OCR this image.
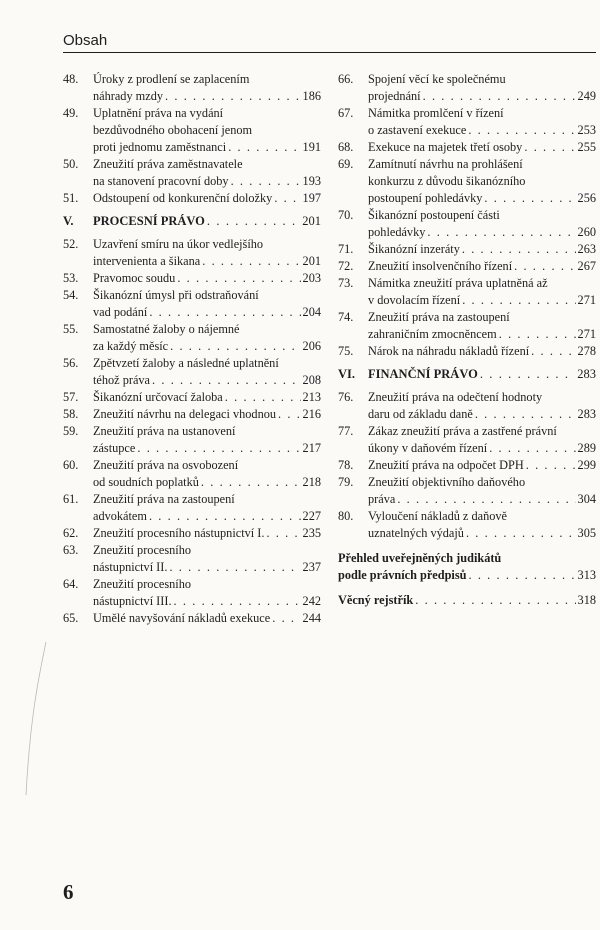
Obsah
48.	Úroky z prodlení se zaplacením
náhrady mzdy . . .	186
49.	Uplatnění práva na vydání
bezdůvodného obohacení jenom
proti jednomu zaměstnanci . . .	191
50.	Zneužití práva zaměstnavatele
na stanovení pracovní doby . . .	193
51.	Odstoupení od konkurenční doložky . . . 197
V.	PROCESNÍ PRÁVO . . .	201
52.	Uzavření smíru na úkor vedlejšího
intervenienta a šikana . . .	201
53.	Pravomoc soudu . . .	203
54.	Šikanózní úmysl při odstraňování
vad podání . . .	204
55.	Samostatné žaloby o nájemné
za každý měsíc . . .	206
56.	Zpětvzetí žaloby a následné uplatnění
téhož práva . . .	208
57.	Šikanózní určovací žaloba . . .	213
58.	Zneužití návrhu na delegaci vhodnou . . . 216
59.	Zneužití práva na ustanovení
zástupce . . .	217
60.	Zneužití práva na osvobození
od soudních poplatků . . .	218
61.	Zneužití práva na zastoupení
advokátem . . .	227
62.	Zneužití procesního nástupnictví I. . . .	235
63.	Zneužití procesního
nástupnictví II. . . .	237
64.	Zneužití procesního
nástupnictví III. . . .	242
65.	Umělé navyšování nákladů exekuce . . .	244
66.	Spojení věcí ke společnému
projednání . . .	249
67.	Námitka promlčení v řízení
o zastavení exekuce . . .	253
68.	Exekuce na majetek třetí osoby . . .	255
69.	Zamítnutí návrhu na prohlášení
konkurzu z důvodu šikanózního
postoupení pohledávky . . .	256
70.	Šikanózní postoupení části
pohledávky . . .	260
71.	Šikanózní inzeráty . . .	263
72.	Zneužití insolvenčního řízení . . .	267
73.	Námitka zneužití práva uplatněná až
v dovolacím řízení . . .	271
74.	Zneužití práva na zastoupení
zahraničním zmocněncem . . .	271
75.	Nárok na náhradu nákladů řízení . . .	278
VI.	FINANČNÍ PRÁVO . . .	283
76.	Zneužití práva na odečtení hodnoty
daru od základu daně . . .	283
77.	Zákaz zneužití práva a zastřené právní
úkony v daňovém řízení . . .	289
78.	Zneužití práva na odpočet DPH . . .	299
79.	Zneužití objektivního daňového
práva . . .	304
80.	Vyloučení nákladů z daňově
uznatelných výdajů . . .	305
Přehled uveřejněných judikátů
podle právních předpisů . . .	313
Věcný rejstřík . . .	318
6
